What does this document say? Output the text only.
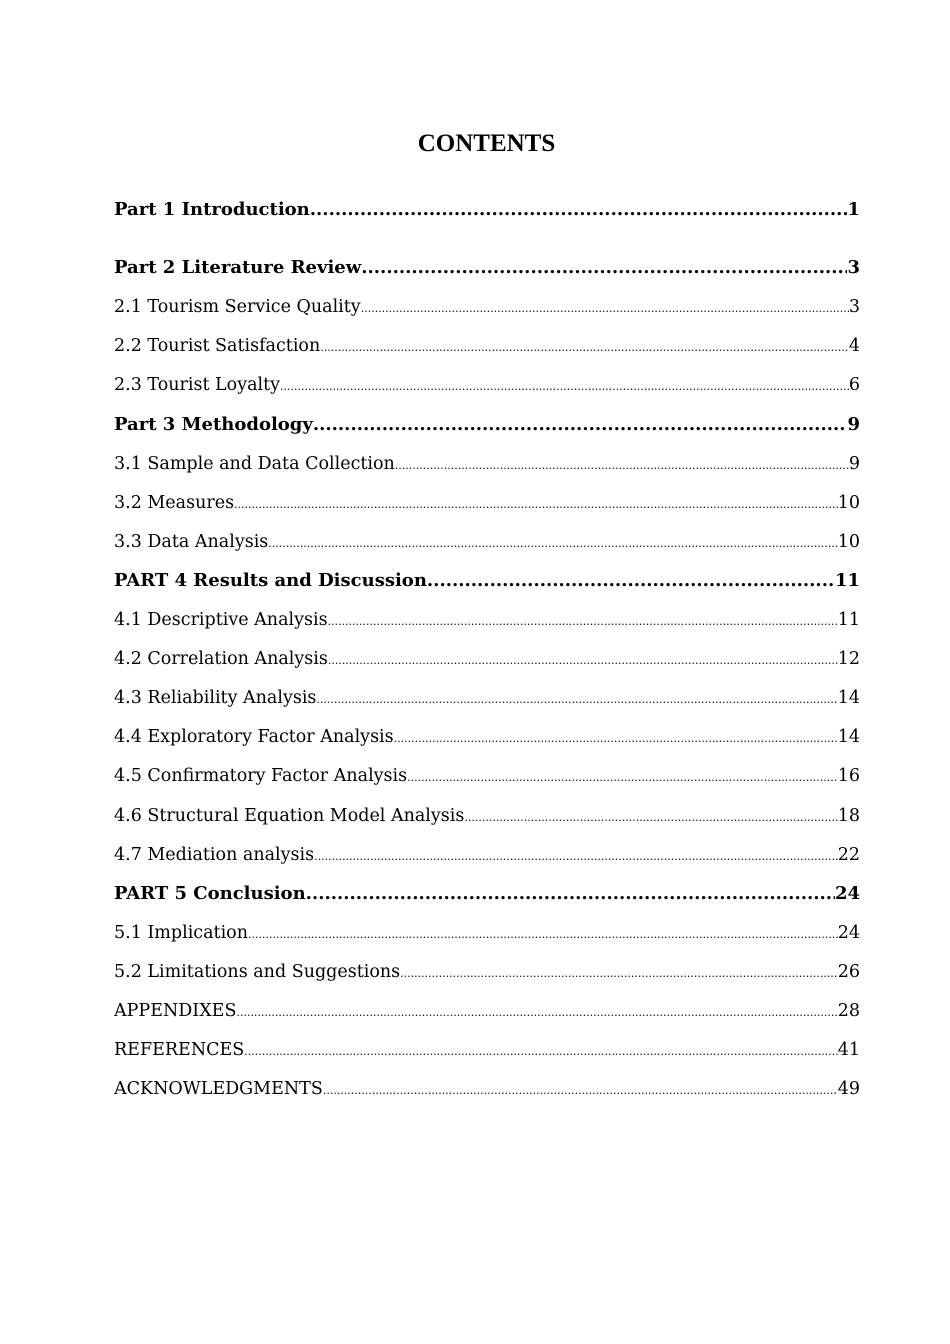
CONTENTS
Part 1 Introduction .....	1
Part 2 Literature Review .....	3
2.1 Tourism Service Quality .....	3
2.2 Tourist Satisfaction .....	4
2.3 Tourist Loyalty .....	6
Part 3 Methodology .....	9
3.1 Sample and Data Collection .....	9
3.2 Measures .....	10
3.3 Data Analysis .....	10
PART 4 Results and Discussion .....	11
4.1 Descriptive Analysis .....	11
4.2 Correlation Analysis .....	12
4.3 Reliability Analysis .....	14
4.4 Exploratory Factor Analysis .....	14
4.5 Confirmatory Factor Analysis .....	16
4.6 Structural Equation Model Analysis .....	18
4.7 Mediation analysis .....	22
PART 5 Conclusion .....	24
5.1 Implication .....	24
5.2 Limitations and Suggestions .....	26
APPENDIXES .....	28
REFERENCES .....	41
ACKNOWLEDGMENTS .....	49
